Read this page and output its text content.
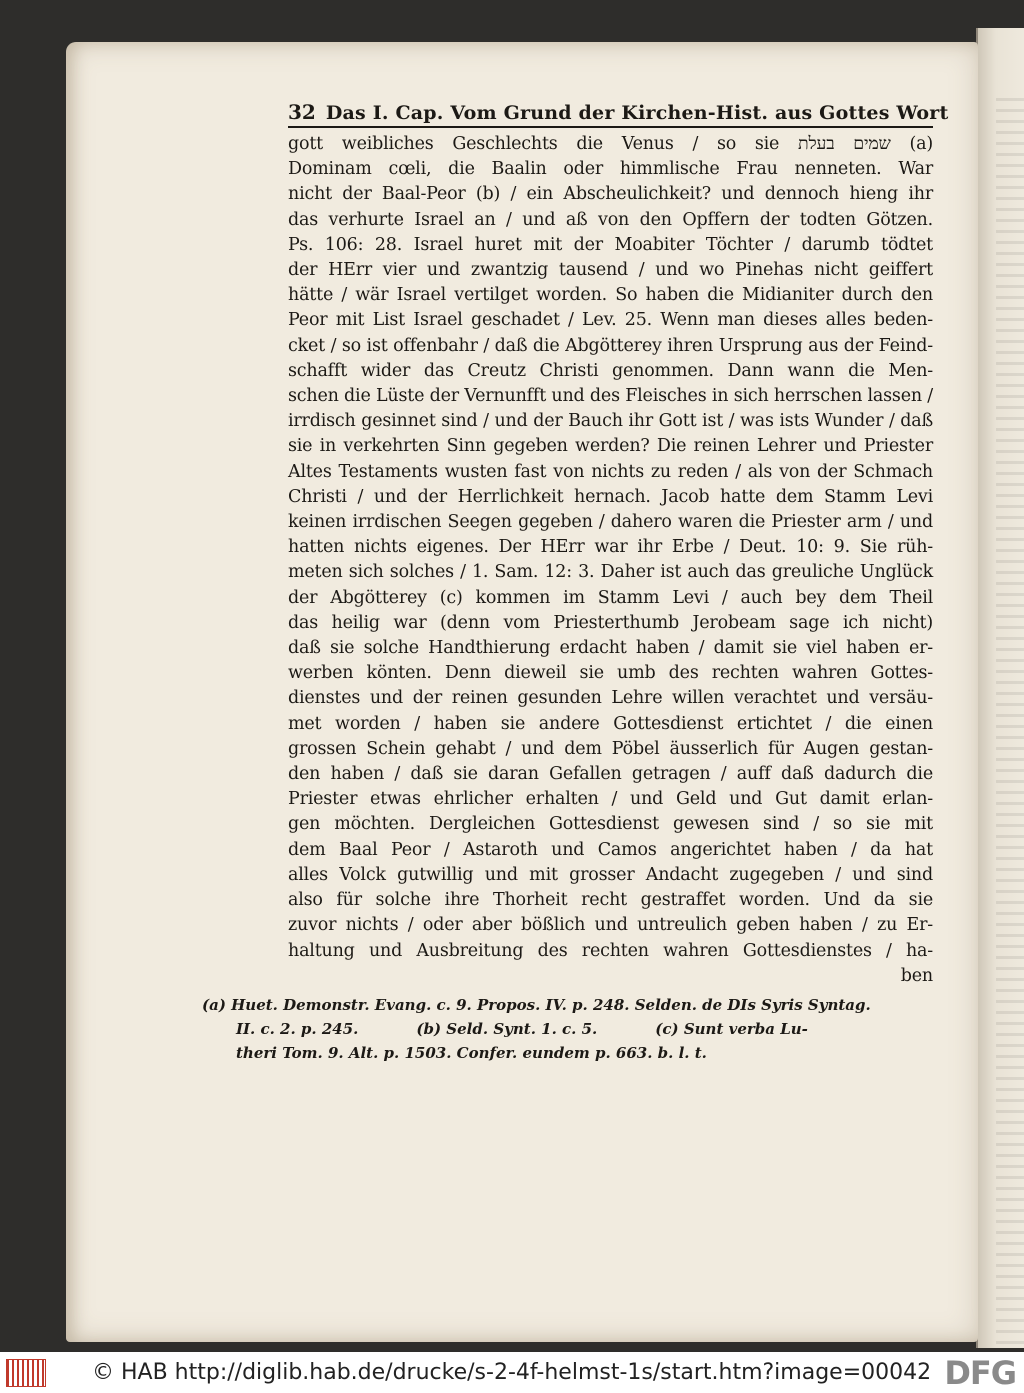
32 Das I. Cap. Vom Grund der Kirchen-Hist. aus Gottes Wort
gott weibliches Geschlechts die Venus / so sie שמים בעלת (a)
Dominam cœli, die Baalin oder himmlische Frau nenneten. War
nicht der Baal-Peor (b) / ein Abscheulichkeit? und dennoch hieng ihr
das verhurte Israel an / und aß von den Opffern der todten Götzen.
Ps. 106: 28. Israel huret mit der Moabiter Töchter / darumb tödtet
der HErr vier und zwantzig tausend / und wo Pinehas nicht geiffert
hätte / wär Israel vertilget worden. So haben die Midianiter durch den
Peor mit List Israel geschadet / Lev. 25. Wenn man dieses alles beden-
cket / so ist offenbahr / daß die Abgötterey ihren Ursprung aus der Feind-
schafft wider das Creutz Christi genommen. Dann wann die Men-
schen die Lüste der Vernunfft und des Fleisches in sich herrschen lassen /
irrdisch gesinnet sind / und der Bauch ihr Gott ist / was ists Wunder / daß
sie in verkehrten Sinn gegeben werden? Die reinen Lehrer und Priester
Altes Testaments wusten fast von nichts zu reden / als von der Schmach
Christi / und der Herrlichkeit hernach. Jacob hatte dem Stamm Levi
keinen irrdischen Seegen gegeben / dahero waren die Priester arm / und
hatten nichts eigenes. Der HErr war ihr Erbe / Deut. 10: 9. Sie rüh-
meten sich solches / 1. Sam. 12: 3. Daher ist auch das greuliche Unglück
der Abgötterey (c) kommen im Stamm Levi / auch bey dem Theil
das heilig war (denn vom Priesterthumb Jerobeam sage ich nicht)
daß sie solche Handthierung erdacht haben / damit sie viel haben er-
werben könten. Denn dieweil sie umb des rechten wahren Gottes-
dienstes und der reinen gesunden Lehre willen verachtet und versäu-
met worden / haben sie andere Gottesdienst ertichtet / die einen
grossen Schein gehabt / und dem Pöbel äusserlich für Augen gestan-
den haben / daß sie daran Gefallen getragen / auff daß dadurch die
Priester etwas ehrlicher erhalten / und Geld und Gut damit erlan-
gen möchten. Dergleichen Gottesdienst gewesen sind / so sie mit
dem Baal Peor / Astaroth und Camos angerichtet haben / da hat
alles Volck gutwillig und mit grosser Andacht zugegeben / und sind
also für solche ihre Thorheit recht gestraffet worden. Und da sie
zuvor nichts / oder aber bößlich und untreulich geben haben / zu Er-
haltung und Ausbreitung des rechten wahren Gottesdienstes / ha-
ben
(a) Huet. Demonstr. Evang. c. 9. Propos. IV. p. 248. Selden. de DIs Syris Syntag.
II. c. 2. p. 245.	(b) Seld. Synt. 1. c. 5.	(c) Sunt verba Lu-
theri Tom. 9. Alt. p. 1503. Confer. eundem p. 663. b. l. t.
© HAB http://diglib.hab.de/drucke/s-2-4f-helmst-1s/start.htm?image=00042 DFG
